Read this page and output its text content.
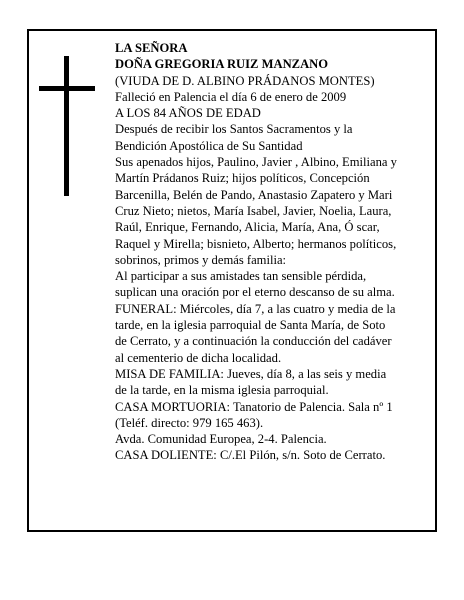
LA SEÑORA
DOÑA GREGORIA RUIZ MANZANO
(VIUDA DE D. ALBINO PRÁDANOS MONTES)
Falleció en Palencia el día 6 de enero de 2009
A LOS 84 AÑOS DE EDAD
Después de recibir los Santos Sacramentos y la
Bendición Apostólica de Su Santidad
Sus apenados hijos, Paulino, Javier , Albino, Emiliana y
Martín Prádanos Ruiz; hijos políticos, Concepción
Barcenilla, Belén de Pando, Anastasio Zapatero y Mari
Cruz Nieto; nietos, María Isabel, Javier, Noelia, Laura,
Raúl, Enrique, Fernando, Alicia, María, Ana, Ó scar,
Raquel y Mirella; bisnieto, Alberto; hermanos políticos,
sobrinos, primos y demás familia:
Al participar a sus amistades tan sensible pérdida,
suplican una oración por el eterno descanso de su alma.
FUNERAL: Miércoles, día 7, a las cuatro y media de la
tarde, en la iglesia parroquial de Santa María, de Soto
de Cerrato, y a continuación la conducción del cadáver
al cementerio de dicha localidad.
MISA DE FAMILIA: Jueves, día 8, a las seis y media
de la tarde, en la misma iglesia parroquial.
CASA MORTUORIA: Tanatorio de Palencia. Sala nº 1
(Teléf. directo: 979 165 463).
Avda. Comunidad Europea, 2-4. Palencia.
CASA DOLIENTE: C/.El Pilón, s/n. Soto de Cerrato.
